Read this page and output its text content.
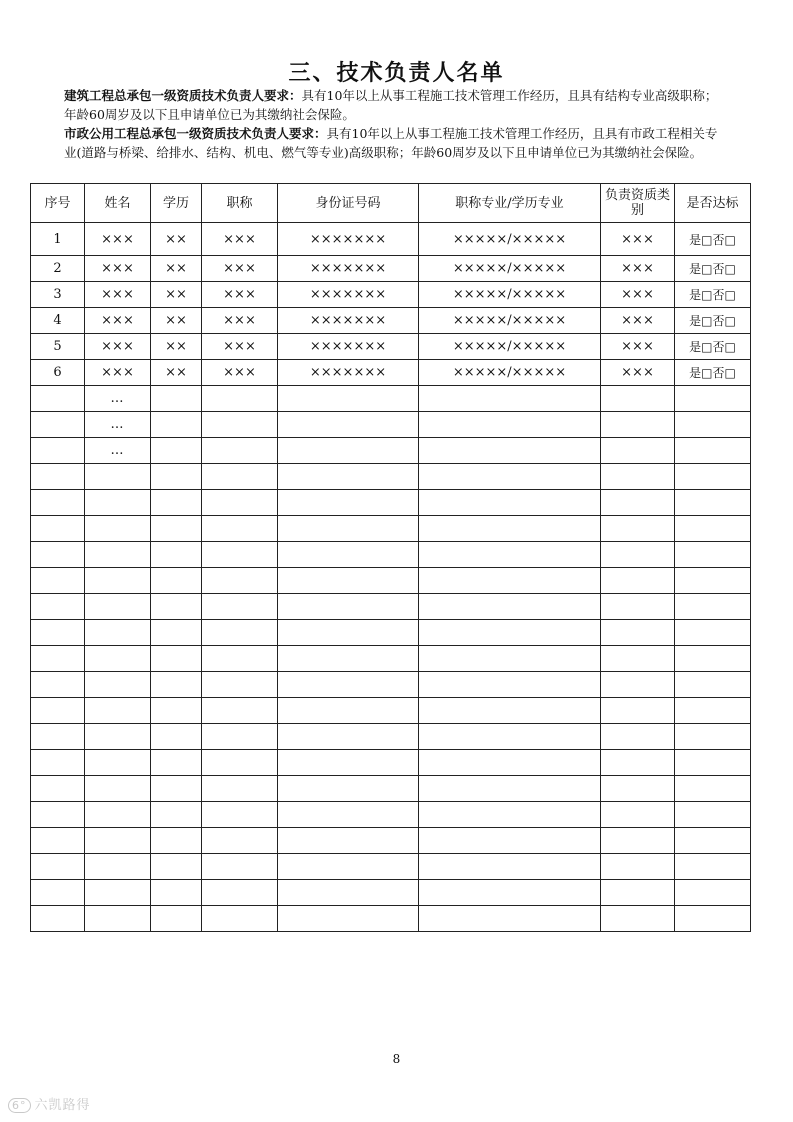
三、技术负责人名单
建筑工程总承包一级资质技术负责人要求：具有10年以上从事工程施工技术管理工作经历，且具有结构专业高级职称；年龄60周岁及以下且申请单位已为其缴纳社会保险。
市政公用工程总承包一级资质技术负责人要求：具有10年以上从事工程施工技术管理工作经历，且具有市政工程相关专业(道路与桥梁、给排水、结构、机电、燃气等专业)高级职称；年龄60周岁及以下且申请单位已为其缴纳社会保险。
序号	姓名	学历	职称	身份证号码	职称专业/学历专业	负责资质类别	是否达标
1	×××	××	×××	×××××××	×××××/×××××	×××	是□否□
2	×××	××	×××	×××××××	×××××/×××××	×××	是□否□
3	×××	××	×××	×××××××	×××××/×××××	×××	是□否□
4	×××	××	×××	×××××××	×××××/×××××	×××	是□否□
5	×××	××	×××	×××××××	×××××/×××××	×××	是□否□
6	×××	××	×××	×××××××	×××××/×××××	×××	是□否□
	…						
	…						
	…						

8
6° 六凯路得
